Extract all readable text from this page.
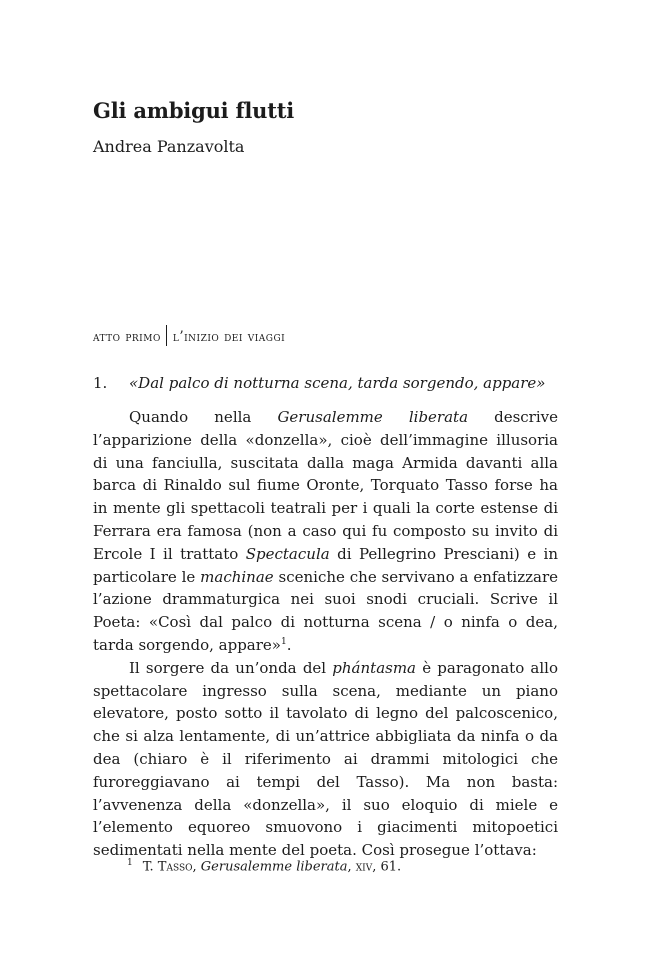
Gli ambigui flutti
Andrea Panzavolta
atto primo l’inizio dei viaggi
1. «Dal palco di notturna scena, tarda sorgendo, appare»

Quando nella Gerusalemme liberata descrive l’apparizione della «donzella», cioè dell’immagine illusoria di una fanciulla, suscitata dalla maga Armida davanti alla barca di Rinaldo sul fiume Oronte, Torquato Tasso forse ha in mente gli spettacoli teatrali per i quali la corte estense di Ferrara era famosa (non a caso qui fu composto su invito di Ercole I il trattato Spectacula di Pellegrino Presciani) e in particolare le machinae sceniche che servivano a enfatizzare l’azione drammaturgica nei suoi snodi cruciali. Scrive il Poeta: «Così dal palco di notturna scena / o ninfa o dea, tarda sorgendo, appare»$^1$.

Il sorgere da un’onda del phántasma è paragonato allo spettacolare ingresso sulla scena, mediante un piano elevatore, posto sotto il tavolato di legno del palcoscenico, che si alza lentamente, di un’attrice abbigliata da ninfa o da dea (chiaro è il riferimento ai drammi mitologici che furoreggiavano ai tempi del Tasso). Ma non basta: l’avvenenza della «donzella», il suo eloquio di miele e l’elemento equoreo smuovono i giacimenti mitopoetici sedimentati nella mente del poeta. Così prosegue l’ottava:

$^1$ T. Tasso, Gerusalemme liberata, xiv, 61.
